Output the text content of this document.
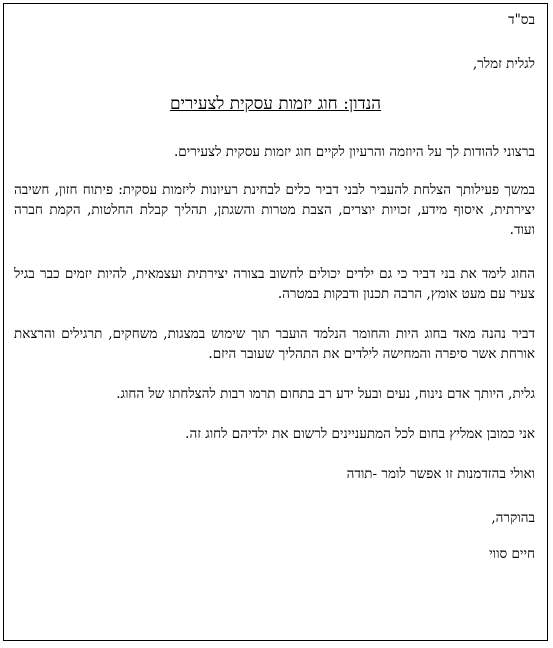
בס"ד
לגלית זמלר,
הנדון: חוג יזמות עסקית לצעירים
ברצוני להודות לך על היוזמה והרעיון לקיים חוג יזמות עסקית לצעירים.
במשך פעילותך הצלחת להעביר לבני דביר כלים לבחינת רעיונות ליזמות עסקית: פיתוח חזון, חשיבה יצירתית, איסוף מידע, זכויות יוצרים, הצבת מטרות והשגתן, תהליך קבלת החלטות, הקמת חברה ועוד.
החוג לימד את בני דביר כי גם ילדים יכולים לחשוב בצורה יצירתית ועצמאית, להיות יזמים כבר בגיל צעיר עם מעט אומץ, הרבה תכנון ודבקות במטרה.
דביר נהנה מאד בחוג היות והחומר הנלמד הועבר תוך שימוש במצגות, משחקים, תרגילים והרצאת אורחת אשר סיפרה והמחישה לילדים את התהליך שעובר היזם.
גלית, היותך אדם נינוח, נעים ובעל ידע רב בתחום תרמו רבות להצלחתו של החוג.
אני כמובן אמליץ בחום לכל המתעניינים לרשום את ילדיהם לחוג זה.
ואולי בהזדמנות זו אפשר לומר -תודה
בהוקרה,
חיים סווי
